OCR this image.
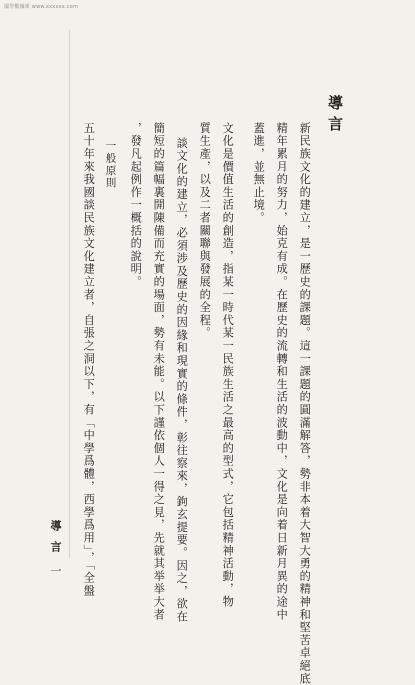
國學數據庫 www.xxxxxx.com
導言
新民族文化的建立，是一歷史的課題。這一課題的圓滿解答，勢非本着大智大勇的精神和堅苦卓絕底
精年累月的努力，始克有成。在歷史的流轉和生活的波動中，文化是向着日新月異的途中
蓋進，並無止境。
文化是價值生活的創造，指某一時代某一民族生活之最高的型式，它包括精神活動，物
質生產，以及二者關聯與發展的全程。
談文化的建立，必須涉及歷史的因緣和現實的條件，彰往察來，鉤玄提要。因之，欲在
簡短的篇幅裏開陳備而充實的場面，勢有未能。以下謹依個人一得之見，先就其举举大者
，發凡起例作一概括的說明。
一般原則
五十年來我國談民族文化建立者，自張之洞以下，有「中學爲體，西學爲用」，「全盤
導言
一
